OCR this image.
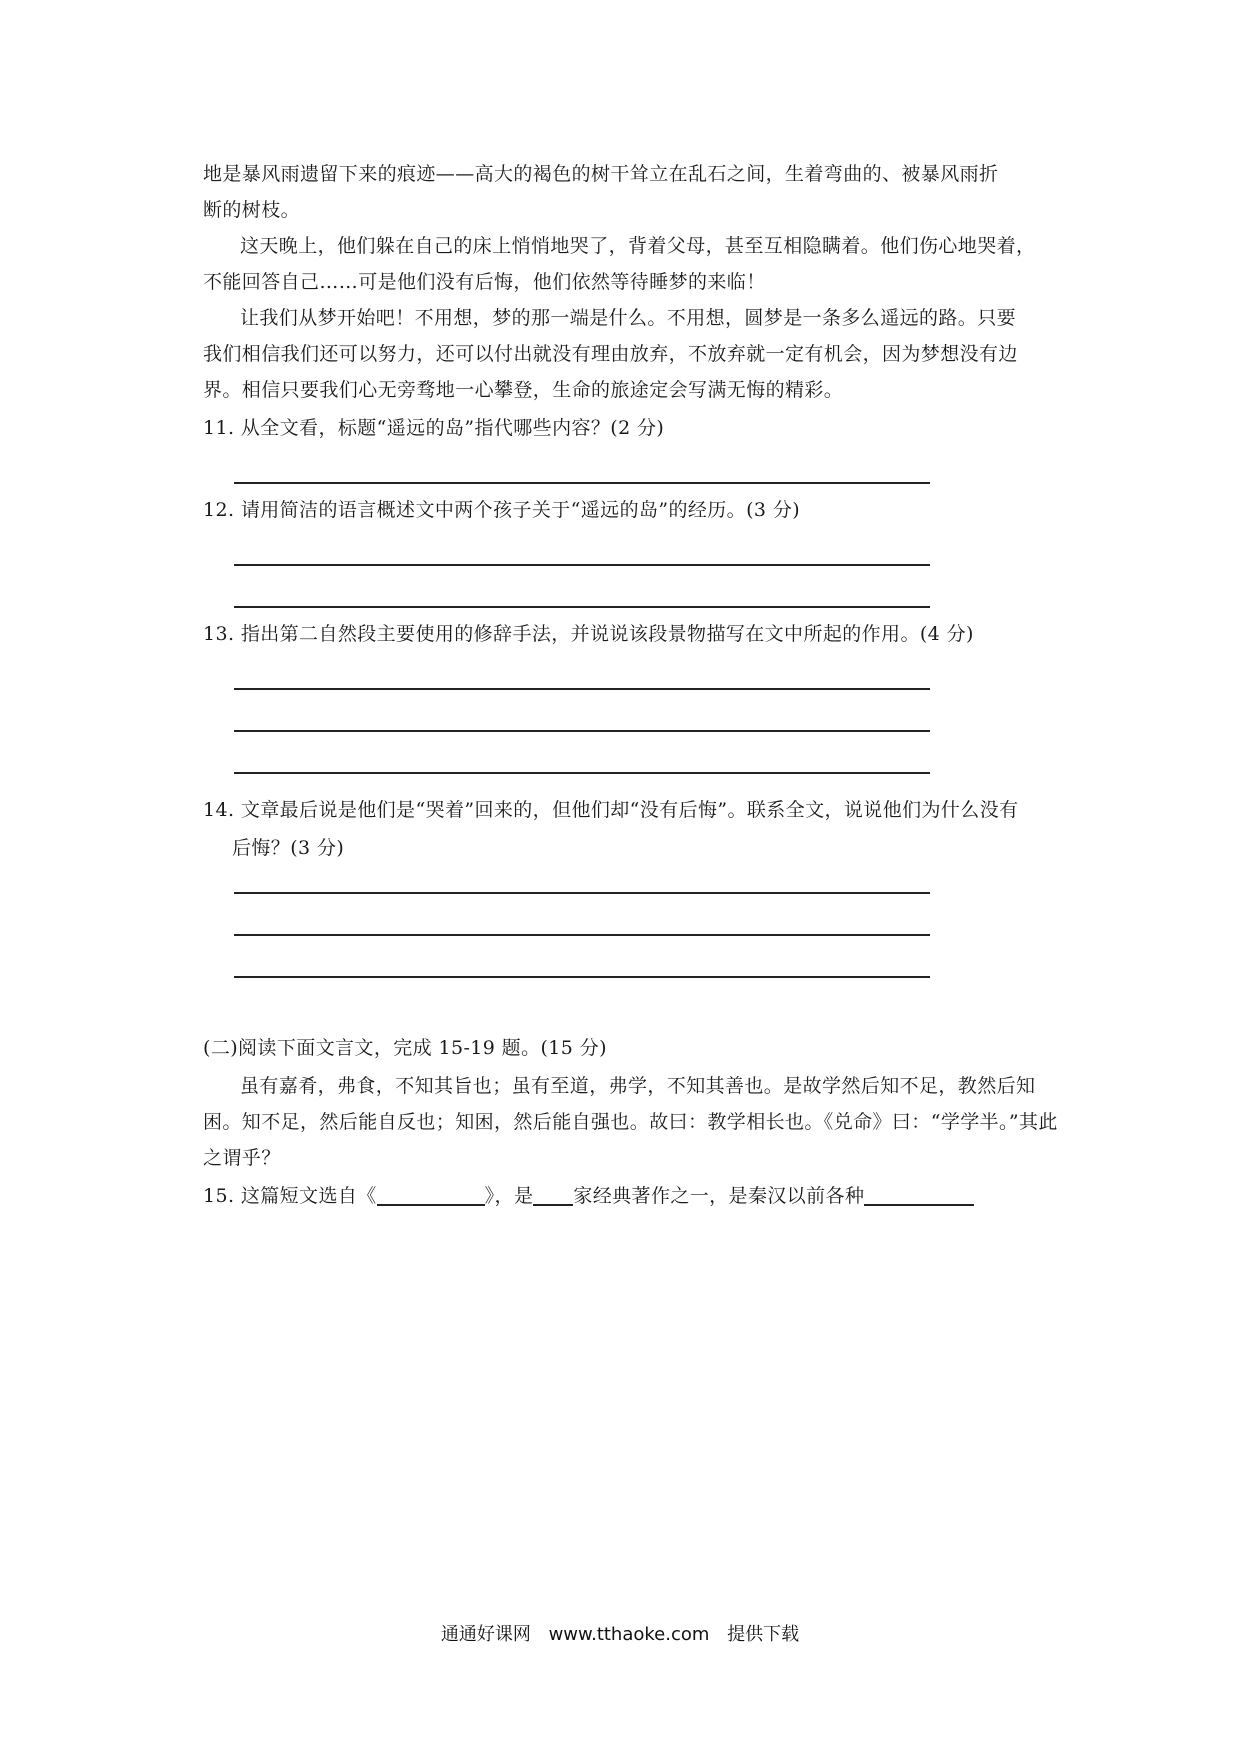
地是暴风雨遗留下来的痕迹——高大的褐色的树干耸立在乱石之间，生着弯曲的、被暴风雨折
断的树枝。
这天晚上，他们躲在自己的床上悄悄地哭了，背着父母，甚至互相隐瞒着。他们伤心地哭着，
不能回答自己……可是他们没有后悔，他们依然等待睡梦的来临！
让我们从梦开始吧！不用想，梦的那一端是什么。不用想，圆梦是一条多么遥远的路。只要
我们相信我们还可以努力，还可以付出就没有理由放弃，不放弃就一定有机会，因为梦想没有边
界。相信只要我们心无旁骛地一心攀登，生命的旅途定会写满无悔的精彩。
11. 从全文看，标题“遥远的岛”指代哪些内容？(2 分)
12. 请用简洁的语言概述文中两个孩子关于“遥远的岛”的经历。(3 分)
13. 指出第二自然段主要使用的修辞手法，并说说该段景物描写在文中所起的作用。(4 分)
14. 文章最后说是他们是“哭着”回来的，但他们却“没有后悔”。联系全文，说说他们为什么没有
后悔？(3 分)
(二)阅读下面文言文，完成 15-19 题。(15 分)
虽有嘉肴，弗食，不知其旨也；虽有至道，弗学，不知其善也。是故学然后知不足，教然后知
困。知不足，然后能自反也；知困，然后能自强也。故曰：教学相长也。《兑命》曰：“学学半。”其此
之谓乎？
15. 这篇短文选自《	》，是 家经典著作之一，是秦汉以前各种
通通好课网 www.tthaoke.com 提供下载
